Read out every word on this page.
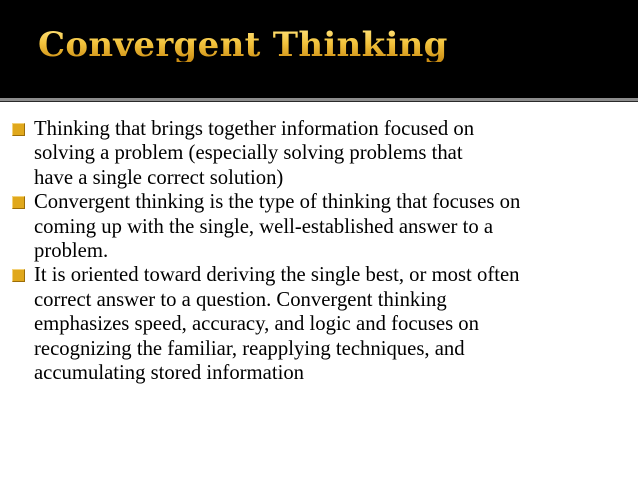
Convergent Thinking
Thinking that brings together information focused on
solving a problem (especially solving problems that
have a single correct solution)
Convergent thinking is the type of thinking that focuses on
coming up with the single, well-established answer to a
problem.
It is oriented toward deriving the single best, or most often
correct answer to a question. Convergent thinking
emphasizes speed, accuracy, and logic and focuses on
recognizing the familiar, reapplying techniques, and
accumulating stored information
